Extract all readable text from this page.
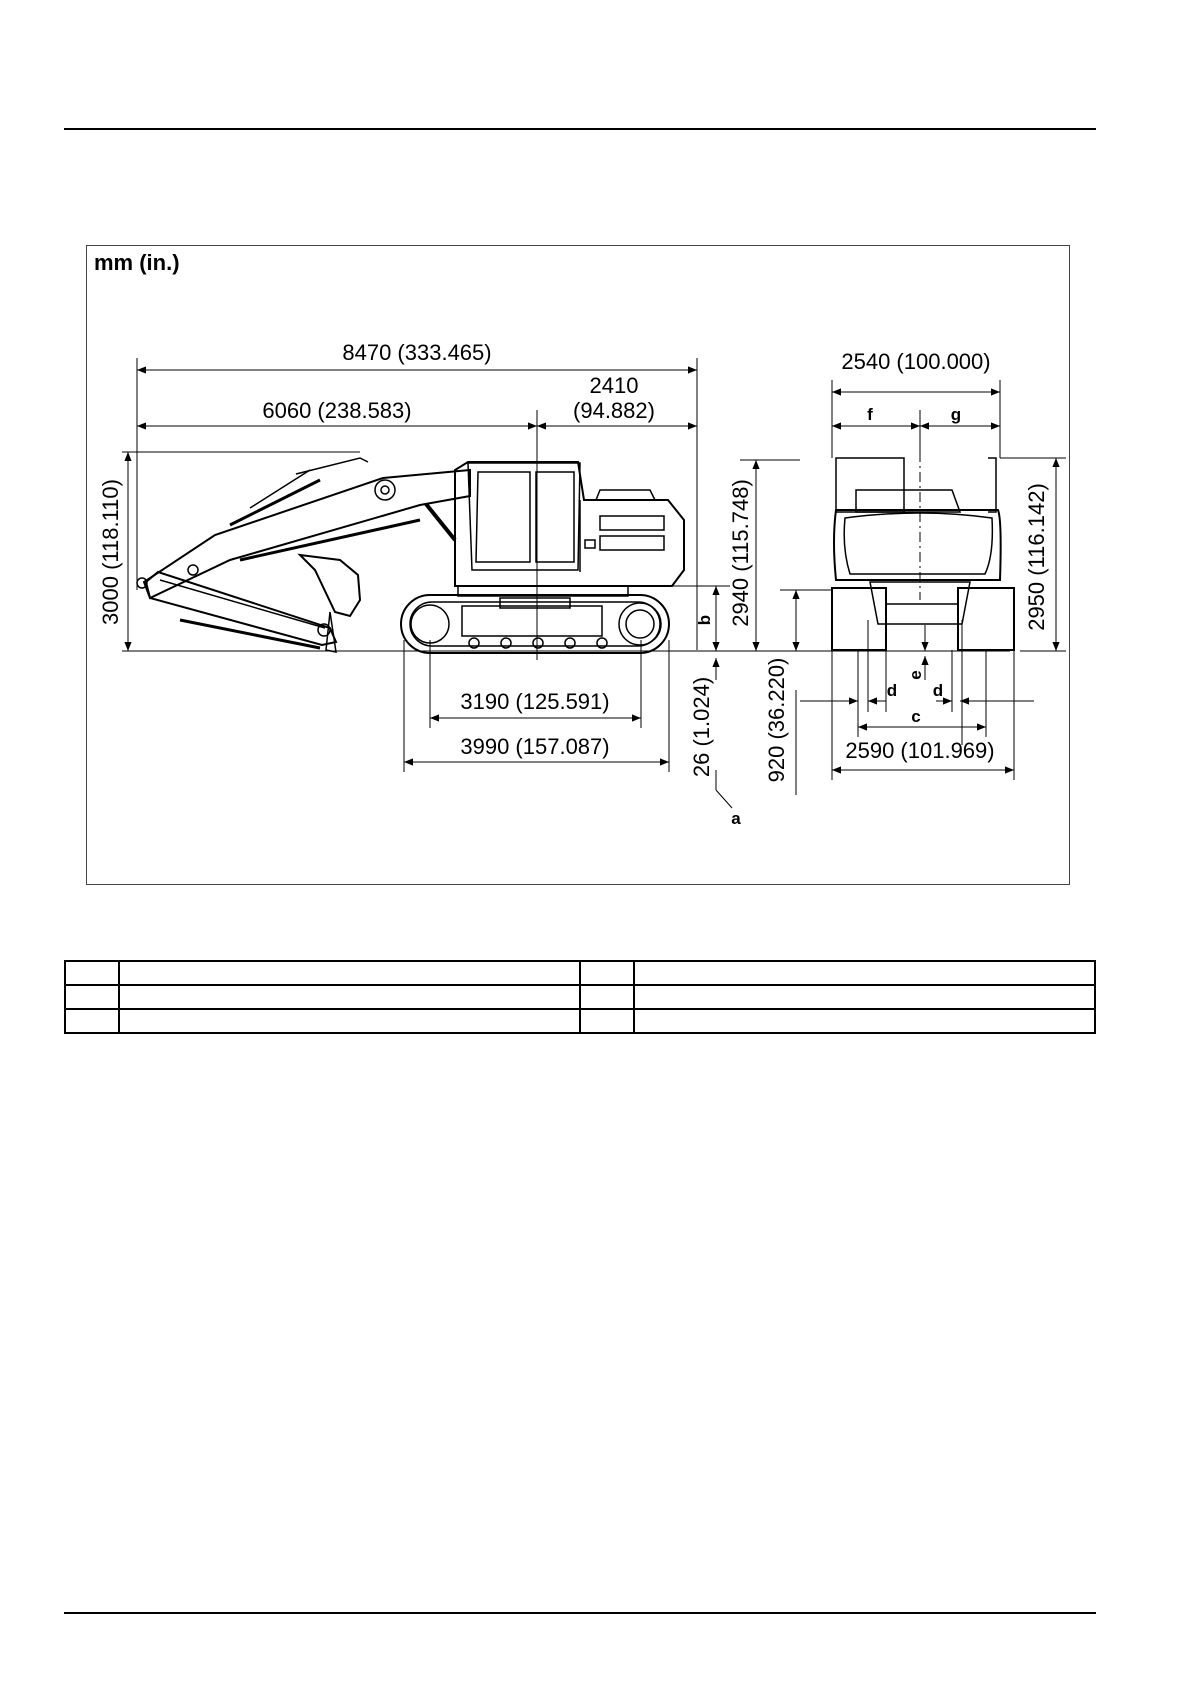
mm (in.)
8470 (333.465)
6060 (238.583)
2410
(94.882)
3000 (118.110)
3190 (125.591)
3990 (157.087)	26 (1.024)
2940 (115.748)
b
a
2540 (100.000)
f	g
2950 (116.142)
920 (36.220)	e
d d
c
2590 (101.969)
